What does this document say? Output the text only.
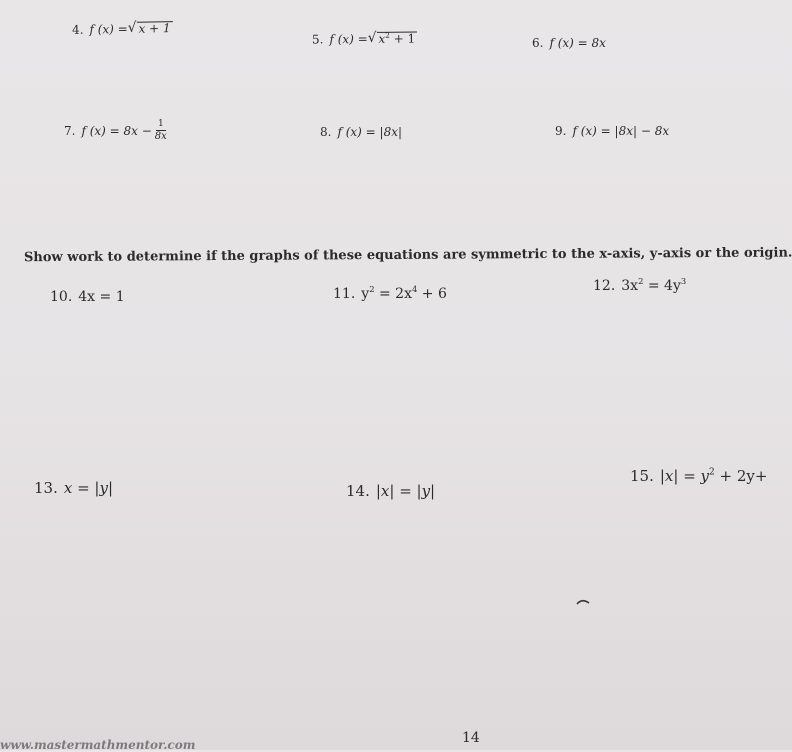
4. f (x) = √ x + 1
5. f (x) = √ $x^2 + 1$	6. f (x) = 8x
7. f $(x) = 8x - \frac{1}{8x}$	8. f (x) = |8x|	9. f (x) = |8x| − 8x
Show work to determine if the graphs of these equations are symmetric to the x-axis, y-axis or the origin.
10. 4x = 1	11. $y^2 = 2x^4 + 6$	12. $3x^2 = 4y^3$
13. x = |y|	14. |x| = |y|
15. $|x| = y^2 + 2y+$
14
www.mastermathmentor.com
